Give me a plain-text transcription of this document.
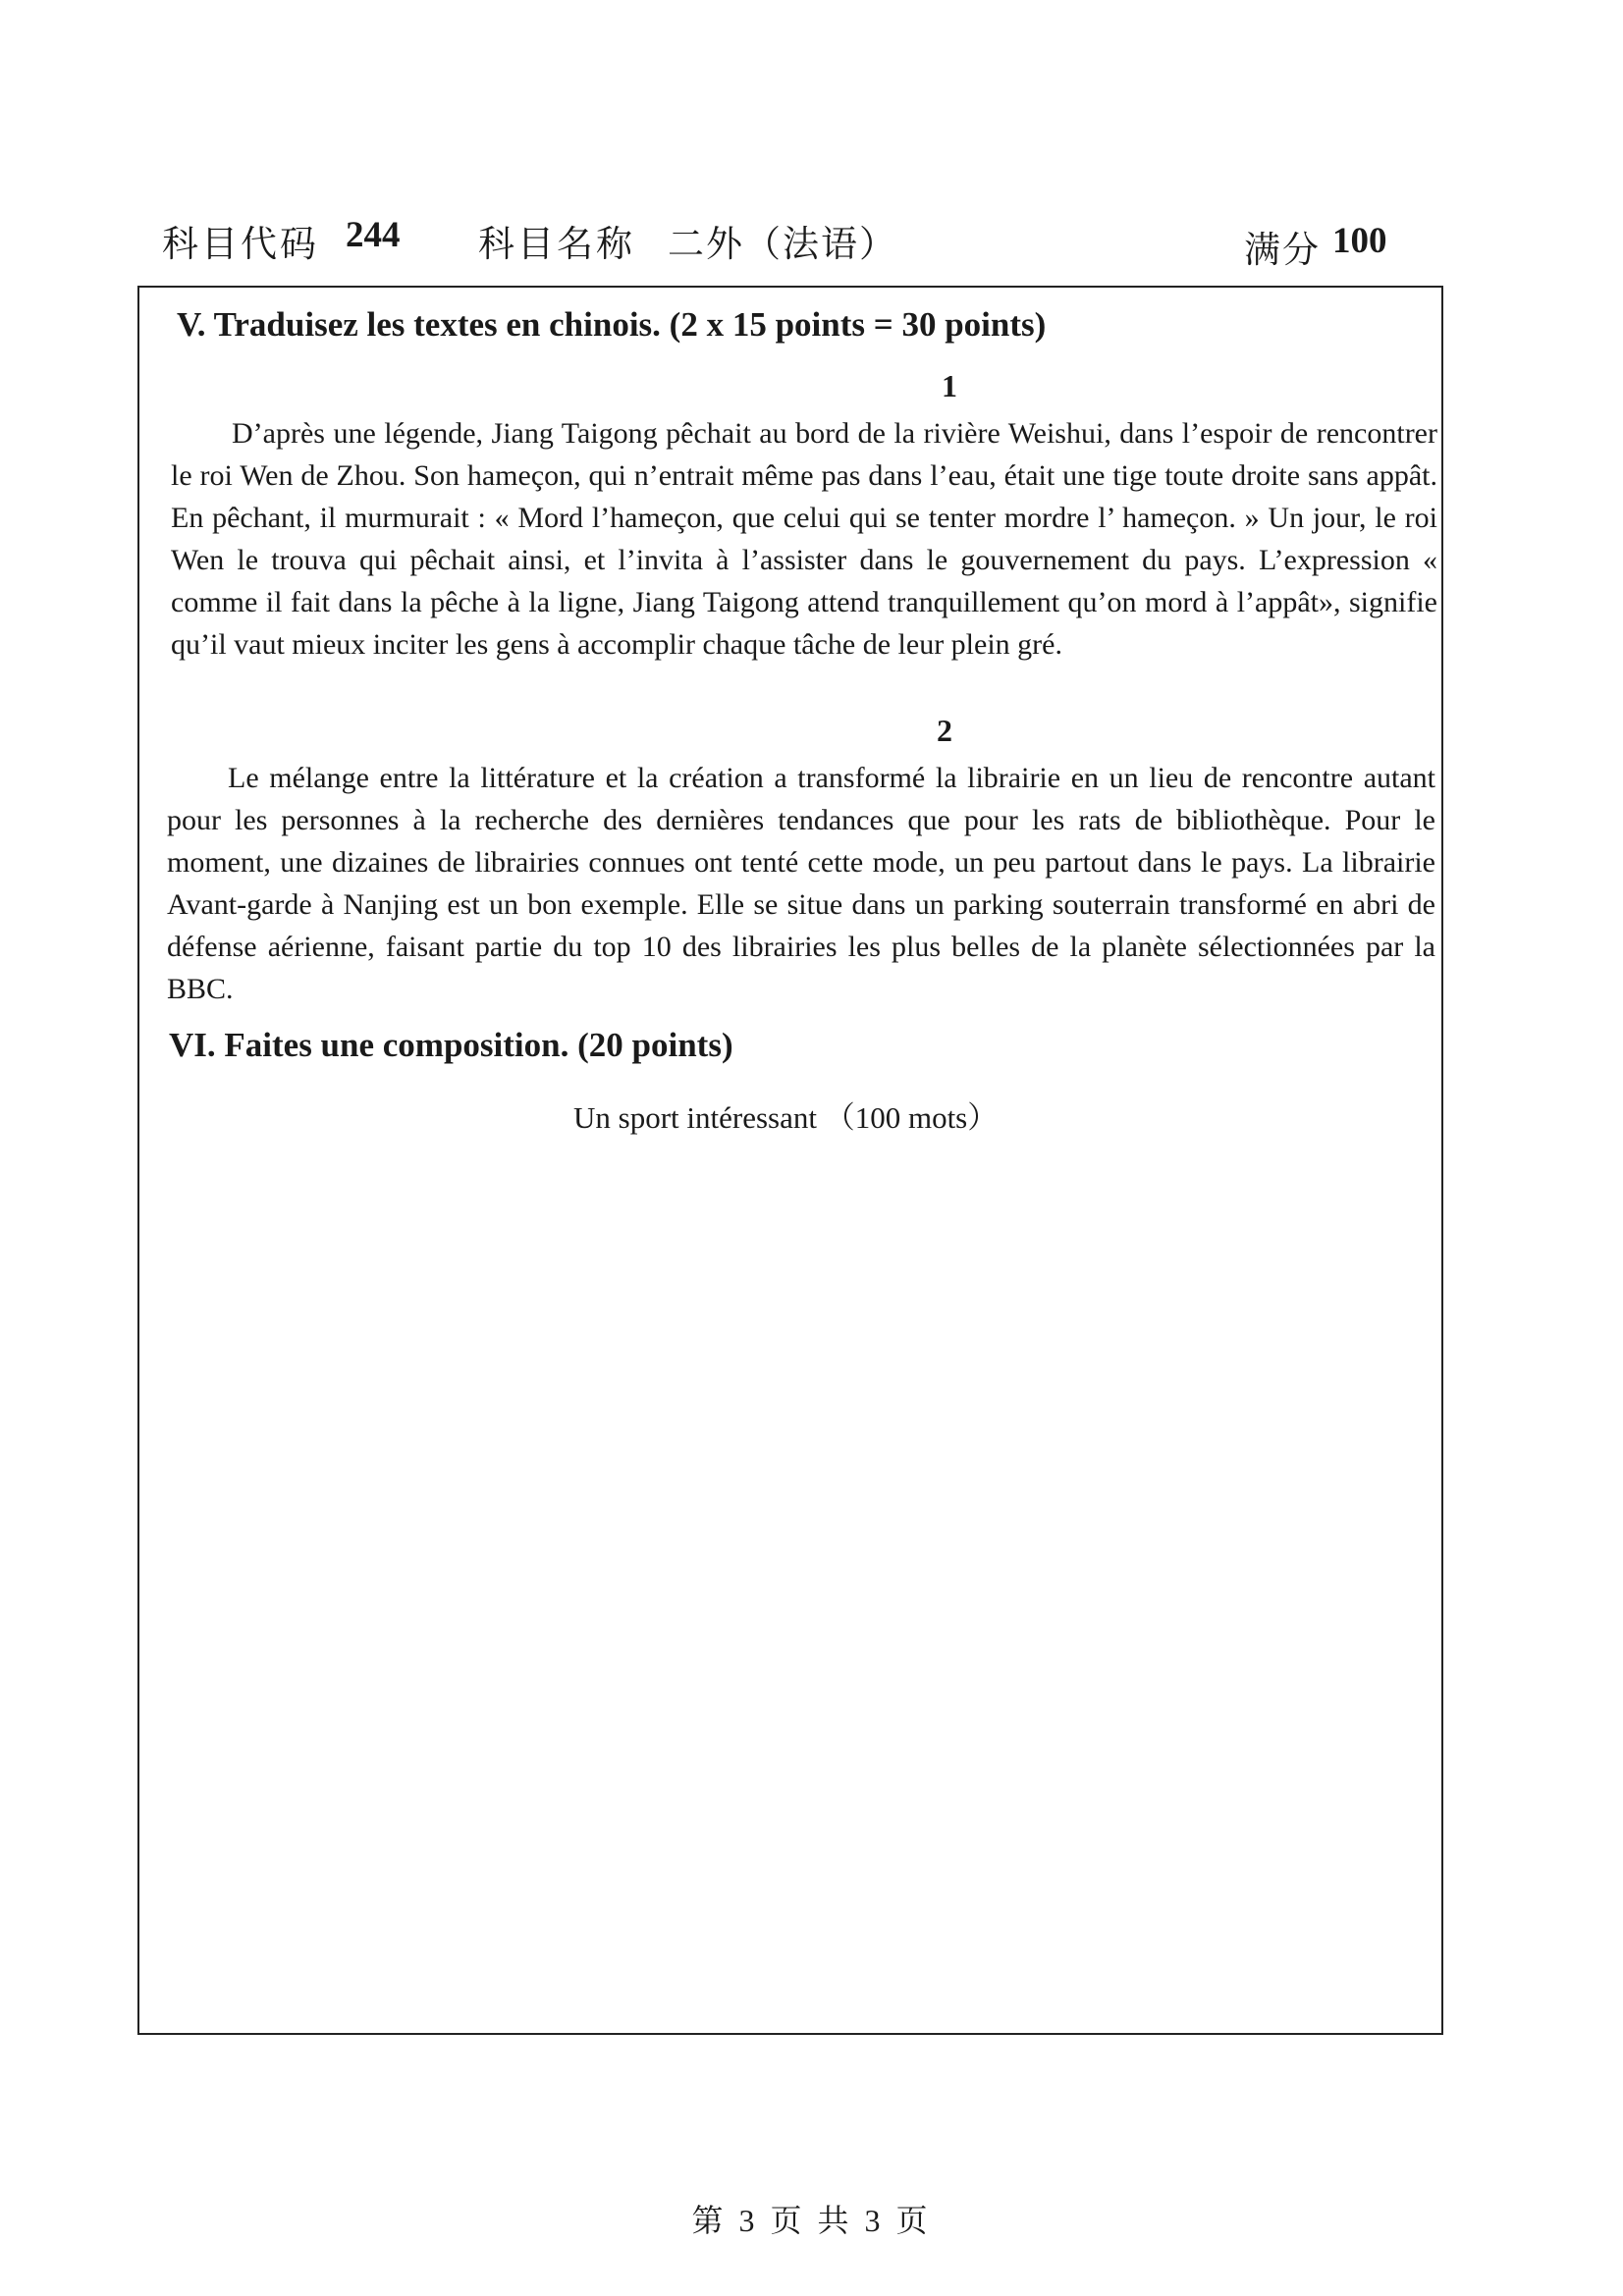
科目代码 244 科目名称 二外（法语）	满分 100
V. Traduisez les textes en chinois. (2 x 15 points = 30 points)
1

D’après une légende, Jiang Taigong pêchait au bord de la rivière Weishui, dans l’espoir de rencontrer le roi Wen de Zhou. Son hameçon, qui n’entrait même pas dans l’eau, était une tige toute droite sans appât. En pêchant, il murmurait : « Mord l’hameçon, que celui qui se tenter mordre l’ hameçon. » Un jour, le roi Wen le trouva qui pêchait ainsi, et l’invita à l’assister dans le gouvernement du pays. L’expression « comme il fait dans la pêche à la ligne, Jiang Taigong attend tranquillement qu’on mord à l’appât», signifie qu’il vaut mieux inciter les gens à accomplir chaque tâche de leur plein gré.

2

Le mélange entre la littérature et la création a transformé la librairie en un lieu de rencontre autant pour les personnes à la recherche des dernières tendances que pour les rats de bibliothèque. Pour le moment, une dizaines de librairies connues ont tenté cette mode, un peu partout dans le pays. La librairie Avant-garde à Nanjing est un bon exemple. Elle se situe dans un parking souterrain transformé en abri de défense aérienne, faisant partie du top 10 des librairies les plus belles de la planète sélectionnées par la BBC.

VI. Faites une composition. (20 points)
Un sport intéressant （100 mots）
第 3 页 共 3 页
